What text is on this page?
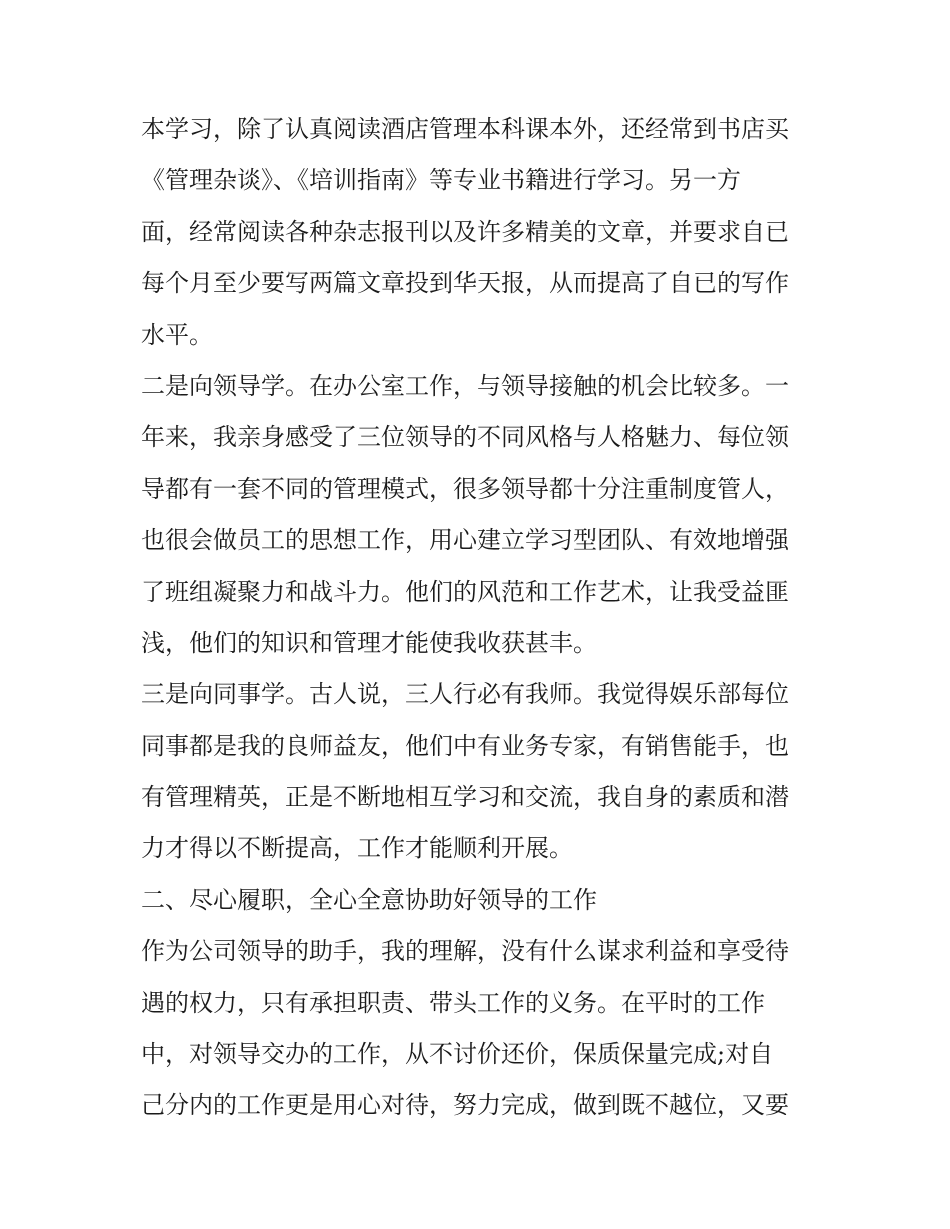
本学习，除了认真阅读酒店管理本科课本外，还经常到书店买
《管理杂谈》、《培训指南》等专业书籍进行学习。另一方
面，经常阅读各种杂志报刊以及许多精美的文章，并要求自已
每个月至少要写两篇文章投到华天报，从而提高了自已的写作
水平。
二是向领导学。在办公室工作，与领导接触的机会比较多。一
年来，我亲身感受了三位领导的不同风格与人格魅力、每位领
导都有一套不同的管理模式，很多领导都十分注重制度管人，
也很会做员工的思想工作，用心建立学习型团队、有效地增强
了班组凝聚力和战斗力。他们的风范和工作艺术，让我受益匪
浅，他们的知识和管理才能使我收获甚丰。
三是向同事学。古人说，三人行必有我师。我觉得娱乐部每位
同事都是我的良师益友，他们中有业务专家，有销售能手，也
有管理精英，正是不断地相互学习和交流，我自身的素质和潜
力才得以不断提高，工作才能顺利开展。
二、尽心履职，全心全意协助好领导的工作
作为公司领导的助手，我的理解，没有什么谋求利益和享受待
遇的权力，只有承担职责、带头工作的义务。在平时的工作
中，对领导交办的工作，从不讨价还价，保质保量完成;对自
己分内的工作更是用心对待，努力完成，做到既不越位，又要
